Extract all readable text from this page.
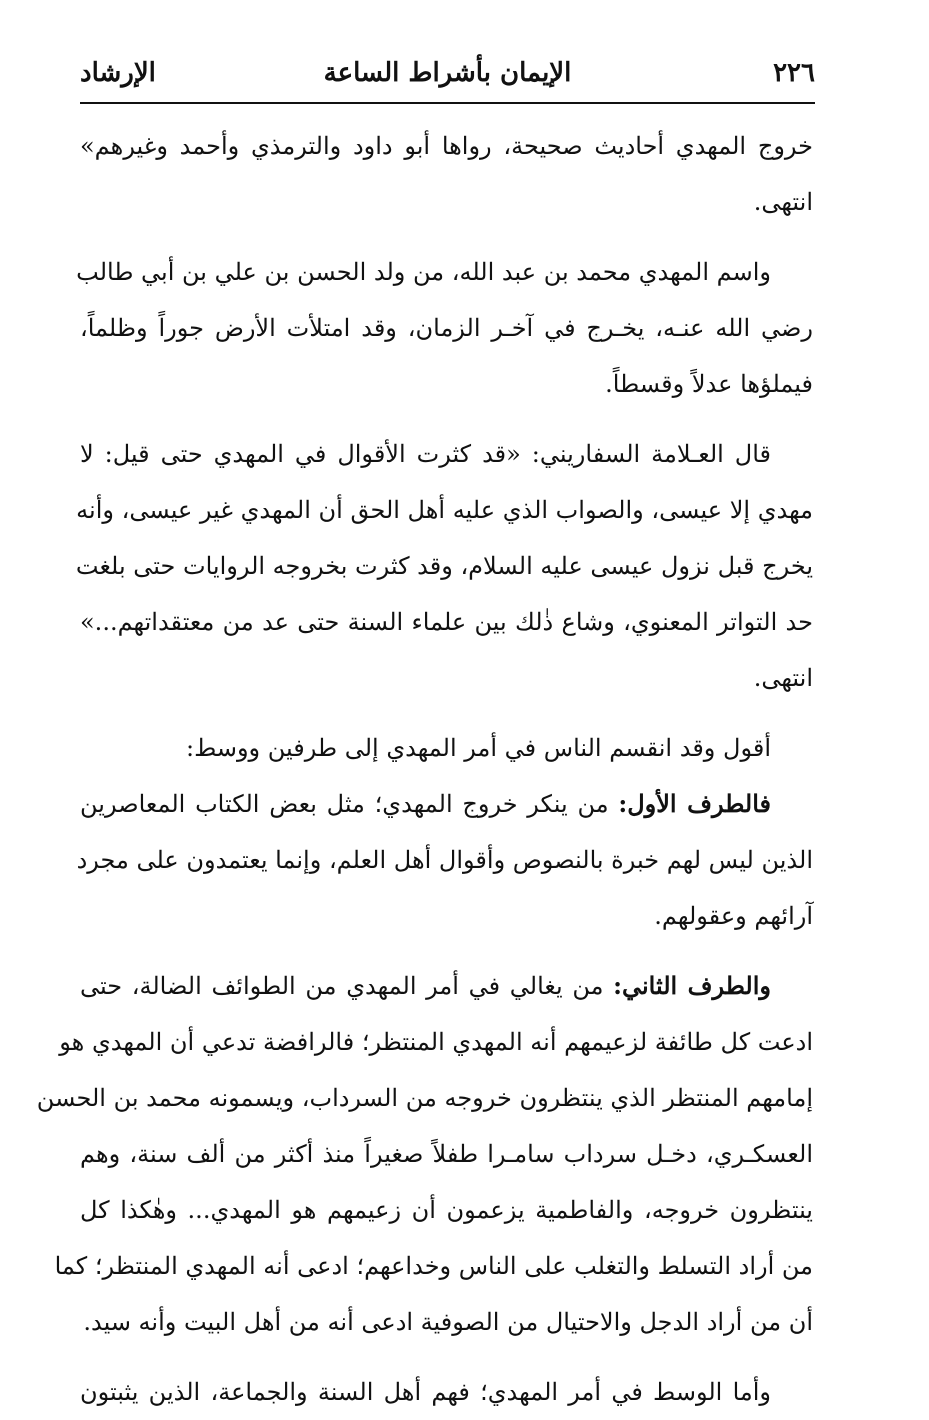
٢٢٦
الإيمان بأشراط الساعة
الإرشاد
خروج المهدي أحاديث صحيحة، رواها أبو داود والترمذي وأحمد وغيرهم»
انتهى.
واسم المهدي محمد بن عبد الله، من ولد الحسن بن علي بن أبي طالب
رضي الله عنـه، يخـرج في آخـر الزمان، وقد امتلأت الأرض جوراً وظلماً،
فيملؤها عدلاً وقسطاً.
قال العـلامة السفاريني: «قد كثرت الأقوال في المهدي حتى قيل: لا
مهدي إلا عيسى، والصواب الذي عليه أهل الحق أن المهدي غير عيسى، وأنه
يخرج قبل نزول عيسى عليه السلام، وقد كثرت بخروجه الروايات حتى بلغت
حد التواتر المعنوي، وشاع ذٰلك بين علماء السنة حتى عد من معتقداتهم...»
انتهى.
أقول وقد انقسم الناس في أمر المهدي إلى طرفين ووسط:
فالطرف الأول: من ينكر خروج المهدي؛ مثل بعض الكتاب المعاصرين
الذين ليس لهم خبرة بالنصوص وأقوال أهل العلم، وإنما يعتمدون على مجرد
آرائهم وعقولهم.
والطرف الثاني: من يغالي في أمر المهدي من الطوائف الضالة، حتى
ادعت كل طائفة لزعيمهم أنه المهدي المنتظر؛ فالرافضة تدعي أن المهدي هو
إمامهم المنتظر الذي ينتظرون خروجه من السرداب، ويسمونه محمد بن الحسن
العسكـري، دخـل سرداب سامـرا طفلاً صغيراً منذ أكثر من ألف سنة، وهم
ينتظرون خروجه، والفاطمية يزعمون أن زعيمهم هو المهدي... وهٰكذا كل
من أراد التسلط والتغلب على الناس وخداعهم؛ ادعى أنه المهدي المنتظر؛ كما
أن من أراد الدجل والاحتيال من الصوفية ادعى أنه من أهل البيت وأنه سيد.
وأما الوسط في أمر المهدي؛ فهم أهل السنة والجماعة، الذين يثبتون
